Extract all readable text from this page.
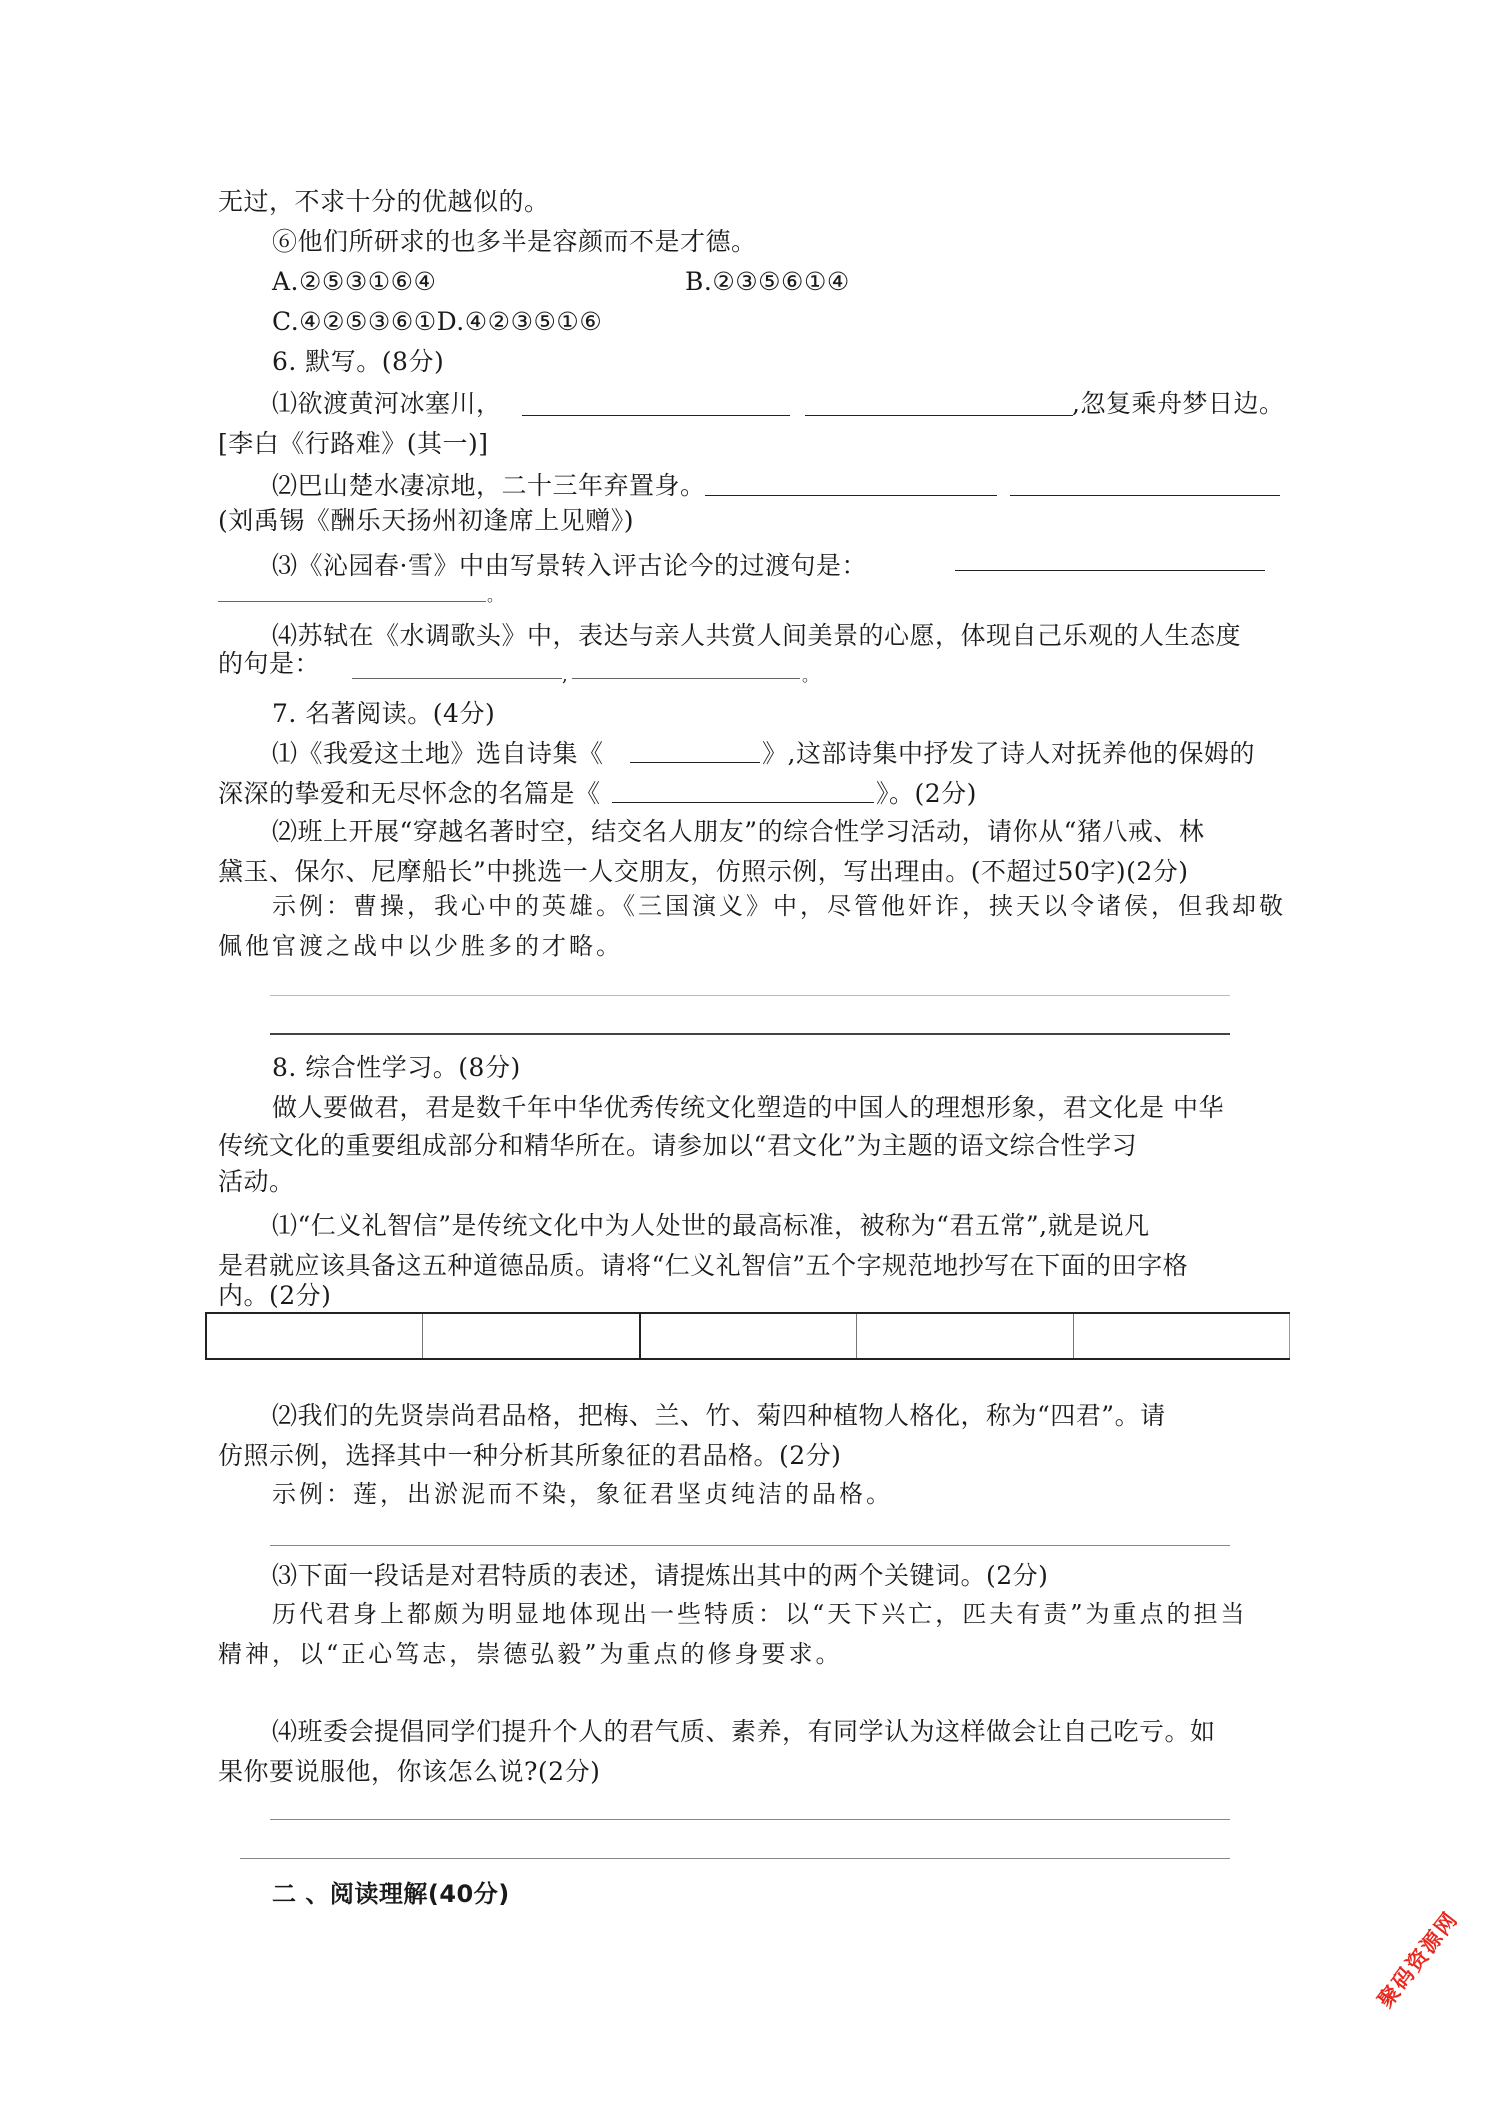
无过，不求十分的优越似的。
⑥他们所研求的也多半是容颜而不是才德。
A.②⑤③①⑥④	B.②③⑤⑥①④
C.④②⑤③⑥①D.④②③⑤①⑥
6. 默写。(8分)
⑴欲渡黄河冰塞川，	,忽复乘舟梦日边。
[李白《行路难》(其一)]
⑵巴山楚水凄凉地，二十三年弃置身。
(刘禹锡《酬乐天扬州初逢席上见赠》)
⑶《沁园春·雪》中由写景转入评古论今的过渡句是：
。
⑷苏轼在《水调歌头》中，表达与亲人共赏人间美景的心愿，体现自己乐观的人生态度
的句是：	,	。
7. 名著阅读。(4分)
⑴《我爱这土地》选自诗集《	》,这部诗集中抒发了诗人对抚养他的保姆的
深深的挚爱和无尽怀念的名篇是《	》。(2分)
⑵班上开展“穿越名著时空，结交名人朋友”的综合性学习活动，请你从“猪八戒、林
黛玉、保尔、尼摩船长”中挑选一人交朋友，仿照示例，写出理由。(不超过50字)(2分)
示例：曹操，我心中的英雄。《三国演义》中，尽管他奸诈，挟天以令诸侯，但我却敬
佩他官渡之战中以少胜多的才略。
8. 综合性学习。(8分)
做人要做君，君是数千年中华优秀传统文化塑造的中国人的理想形象，君文化是 中华
传统文化的重要组成部分和精华所在。请参加以“君文化”为主题的语文综合性学习
活动。
⑴“仁义礼智信”是传统文化中为人处世的最高标准，被称为“君五常”,就是说凡
是君就应该具备这五种道德品质。请将“仁义礼智信”五个字规范地抄写在下面的田字格
内。(2分)
⑵我们的先贤崇尚君品格，把梅、兰、竹、菊四种植物人格化，称为“四君”。请
仿照示例，选择其中一种分析其所象征的君品格。(2分)
示例：莲，出淤泥而不染，象征君坚贞纯洁的品格。
⑶下面一段话是对君特质的表述，请提炼出其中的两个关键词。(2分)
历代君身上都颇为明显地体现出一些特质：以“天下兴亡，匹夫有责”为重点的担当
精神，以“正心笃志，崇德弘毅”为重点的修身要求。
⑷班委会提倡同学们提升个人的君气质、素养，有同学认为这样做会让自己吃亏。如
果你要说服他，你该怎么说?(2分)
二 、阅读理解(40分)
聚码资源网
